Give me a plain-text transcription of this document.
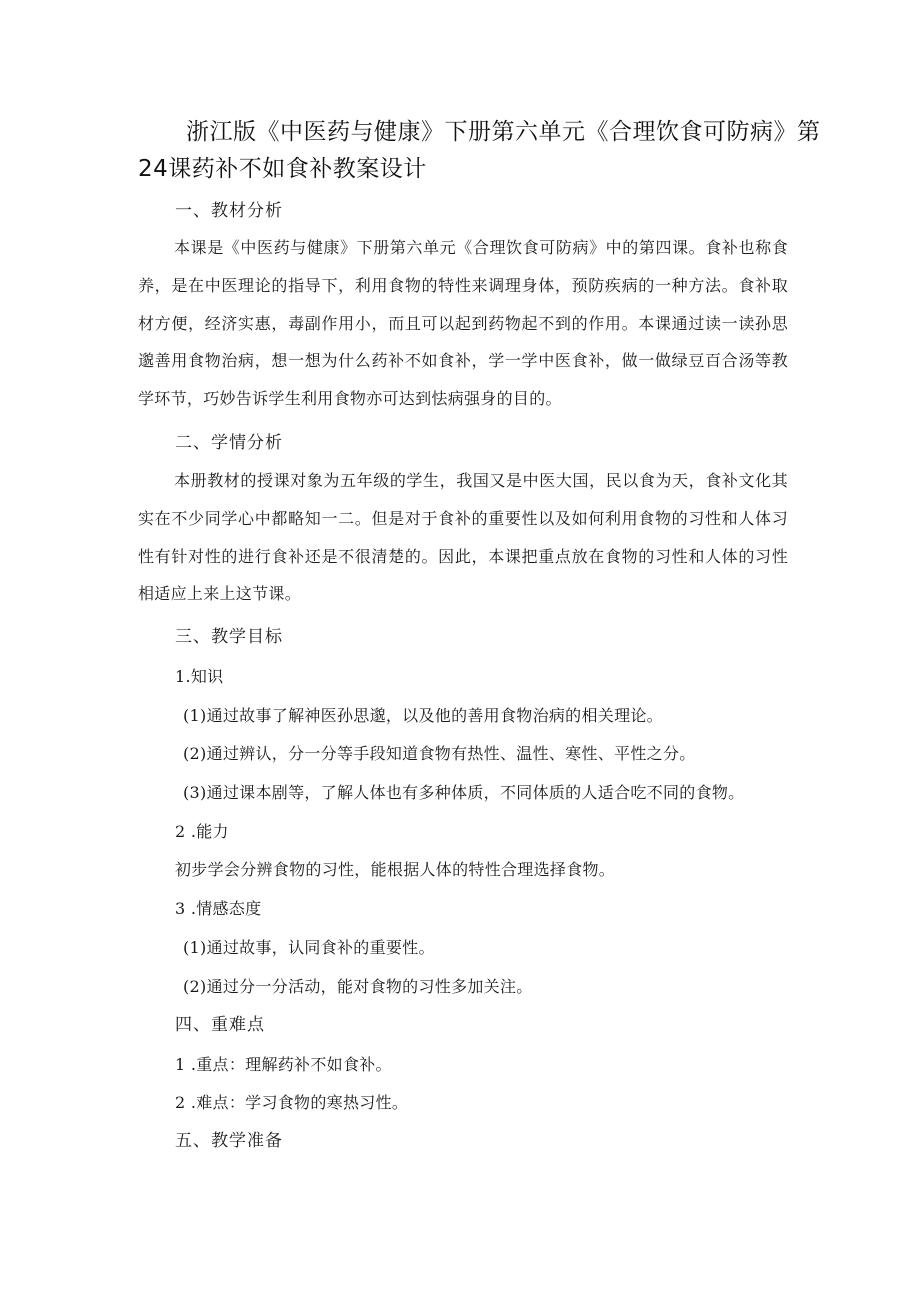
浙江版《中医药与健康》下册第六单元《合理饮食可防病》第
24课药补不如食补教案设计
一、教材分析
本课是《中医药与健康》下册第六单元《合理饮食可防病》中的第四课。食补也称食养，是在中医理论的指导下，利用食物的特性来调理身体，预防疾病的一种方法。食补取材方便，经济实惠，毒副作用小，而且可以起到药物起不到的作用。本课通过读一读孙思邈善用食物治病，想一想为什么药补不如食补，学一学中医食补，做一做绿豆百合汤等教学环节，巧妙告诉学生利用食物亦可达到怯病强身的目的。
二、学情分析
本册教材的授课对象为五年级的学生，我国又是中医大国，民以食为天，食补文化其实在不少同学心中都略知一二。但是对于食补的重要性以及如何利用食物的习性和人体习性有针对性的进行食补还是不很清楚的。因此，本课把重点放在食物的习性和人体的习性相适应上来上这节课。
三、教学目标
1.知识
(1)通过故事了解神医孙思邈，以及他的善用食物治病的相关理论。
(2)通过辨认，分一分等手段知道食物有热性、温性、寒性、平性之分。
(3)通过课本剧等，了解人体也有多种体质，不同体质的人适合吃不同的食物。
2 .能力
初步学会分辨食物的习性，能根据人体的特性合理选择食物。
3 .情感态度
(1)通过故事，认同食补的重要性。
(2)通过分一分活动，能对食物的习性多加关注。
四、重难点
1 .重点：理解药补不如食补。
2 .难点：学习食物的寒热习性。
五、教学准备
